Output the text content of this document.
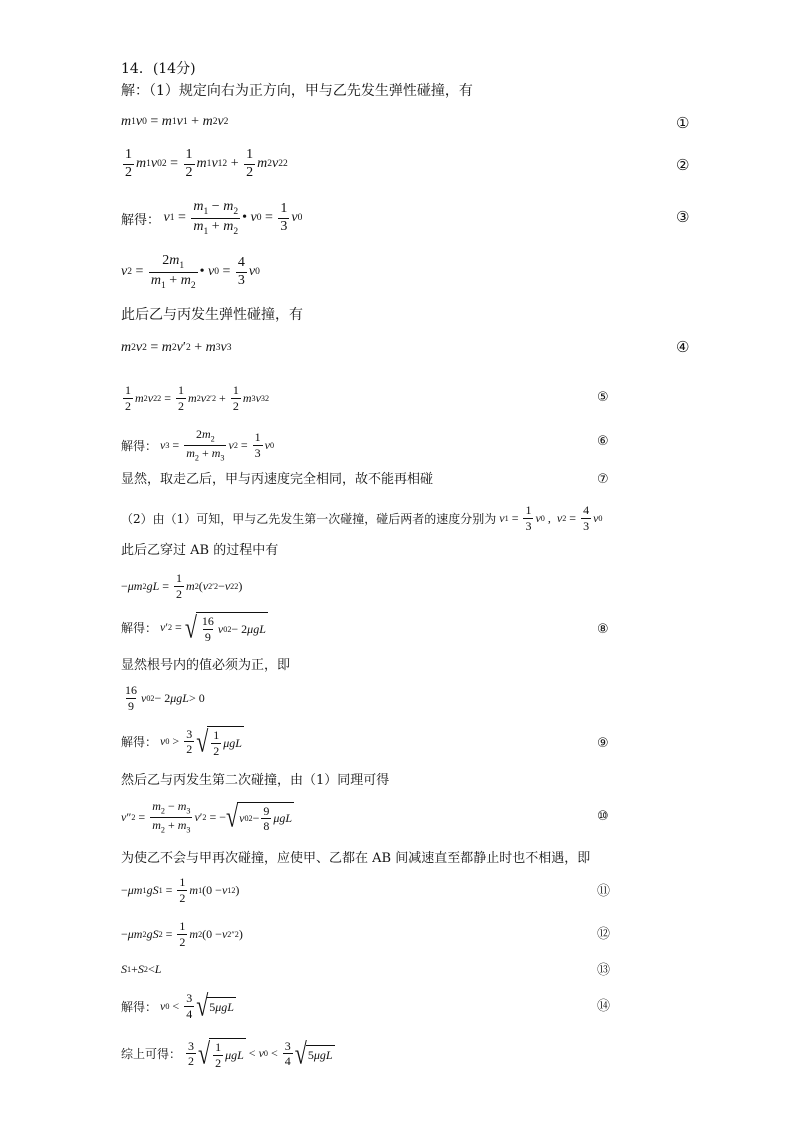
14．(14分)
解：（1）规定向右为正方向，甲与乙先发生弹性碰撞，有
m 1 v 0 = m 1 v 1 + m 2 v 2	①
$\frac{1}{2}$ m 1 v 0 $2 = \frac{1}{2}$ m 1 v 1 $2 + \frac{1}{2}$ m 2 v 2 2	②
解得：
v $1 = \frac{m_1 - m_2}{m_1 + m_2}$ • v $0 = \frac{1}{3}$ v 0	③
v $2 = \frac{2m_1}{m_1 + m_2}$ • v $0 = \frac{4}{3}$ v 0
此后乙与丙发生弹性碰撞，有
m 2 v 2 = m 2 v ′ 2 + m 3 v 3	④
$\frac{1}{2}$ m 2 v 2 $2 = \frac{1}{2}$ m 2 v 2 $'2 + \frac{1}{2}$ m 3 v 3 2	⑤
解得：
v $3 = \frac{2m_2}{m_2 + m_3}$ v $2 = \frac{1}{3}$ v 0	⑥
显然，取走乙后，甲与丙速度完全相同，故不能再相碰	⑦
（2）由（1）可知，甲与乙先发生第一次碰撞，碰后两者的速度分别为
v $1 = \frac{1}{3}$ v 0 , v $2 = \frac{4}{3}$ v 0
此后乙穿过 AB 的过程中有
− μm 2 gL = $\frac{1}{2}$ m 2 ( v 2 ′2 − v 2 2 )
解得：
v ′ 2 = √ $\frac{16}{9}$ v 0 2 − 2 μgL	⑧
显然根号内的值必须为正，即
$\frac{16}{9}$ v 0 2 − 2 μgL > 0
解得：
v $0 > \frac{3}{2}$ √ $\frac{1}{2}$ μgL	⑨
然后乙与丙发生第二次碰撞，由（1）同理可得
v ″ $2 = \frac{m_2 - m_3}{m_2 + m_3}$ v ′ 2 = − √ v 0 $2 - \frac{9}{8}$ μgL	⑩
为使乙不会与甲再次碰撞，应使甲、乙都在 AB 间减速直至都静止时也不相遇，即
− μm 1 gS $1 = \frac{1}{2}$ m 1 (0 − v 1 2 )	⑪
− μm 2 gS $2 = \frac{1}{2}$ m 2 (0 − v 2 ″2 )	⑫
S 1 + S 2 < L	⑬
解得：
v $0 < \frac{3}{4}$ √ 5 μgL	⑭
综上可得：
$\frac{3}{2}$ √ $\frac{1}{2}$ μgL < v $0 < \frac{3}{4}$ √ 5 μgL
